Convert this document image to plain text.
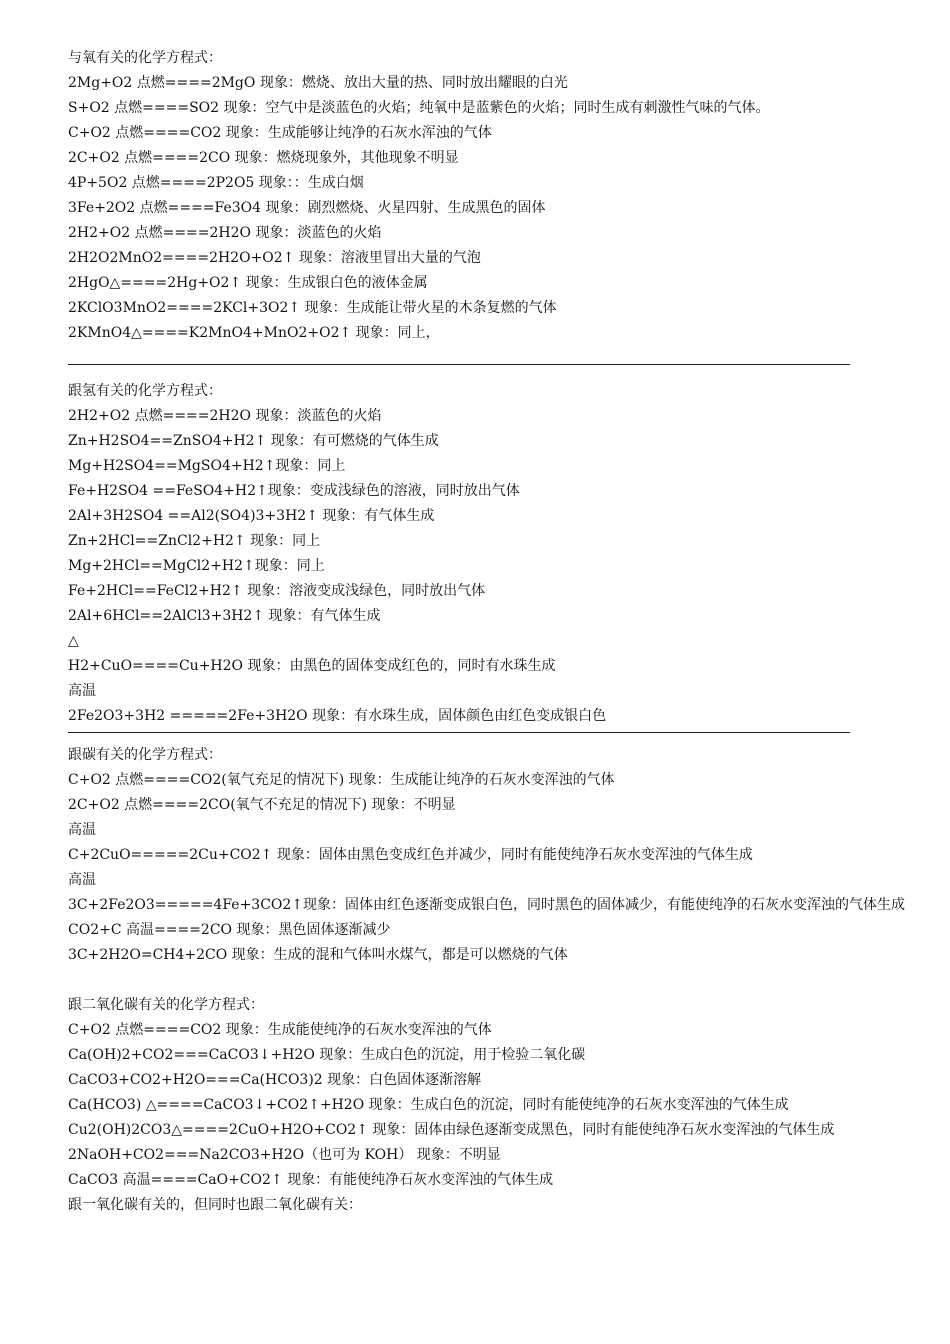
与氧有关的化学方程式：
2Mg+O2 点燃====2MgO 现象：燃烧、放出大量的热、同时放出耀眼的白光
S+O2 点燃====SO2 现象：空气中是淡蓝色的火焰；纯氧中是蓝紫色的火焰；同时生成有刺激性气味的气体。
C+O2 点燃====CO2 现象：生成能够让纯净的石灰水浑浊的气体
2C+O2 点燃====2CO 现象：燃烧现象外，其他现象不明显
4P+5O2 点燃====2P2O5 现象：：生成白烟
3Fe+2O2 点燃====Fe3O4 现象：剧烈燃烧、火星四射、生成黑色的固体
2H2+O2 点燃====2H2O 现象：淡蓝色的火焰
2H2O2MnO2====2H2O+O2↑ 现象：溶液里冒出大量的气泡
2HgO△====2Hg+O2↑ 现象：生成银白色的液体金属
2KClO3MnO2====2KCl+3O2↑ 现象：生成能让带火星的木条复燃的气体
2KMnO4△====K2MnO4+MnO2+O2↑ 现象：同上，
跟氢有关的化学方程式：
2H2+O2 点燃====2H2O 现象：淡蓝色的火焰
Zn+H2SO4==ZnSO4+H2↑ 现象：有可燃烧的气体生成
Mg+H2SO4==MgSO4+H2↑现象：同上
Fe+H2SO4 ==FeSO4+H2↑现象：变成浅绿色的溶液，同时放出气体
2Al+3H2SO4 ==Al2(SO4)3+3H2↑ 现象：有气体生成
Zn+2HCl==ZnCl2+H2↑ 现象：同上
Mg+2HCl==MgCl2+H2↑现象：同上
Fe+2HCl==FeCl2+H2↑ 现象：溶液变成浅绿色，同时放出气体
2Al+6HCl==2AlCl3+3H2↑ 现象：有气体生成
△
H2+CuO====Cu+H2O 现象：由黑色的固体变成红色的，同时有水珠生成
高温
2Fe2O3+3H2 =====2Fe+3H2O 现象：有水珠生成，固体颜色由红色变成银白色
跟碳有关的化学方程式：
C+O2 点燃====CO2(氧气充足的情况下) 现象：生成能让纯净的石灰水变浑浊的气体
2C+O2 点燃====2CO(氧气不充足的情况下) 现象：不明显
高温
C+2CuO=====2Cu+CO2↑ 现象：固体由黑色变成红色并减少，同时有能使纯净石灰水变浑浊的气体生成
高温
3C+2Fe2O3=====4Fe+3CO2↑现象：固体由红色逐渐变成银白色，同时黑色的固体减少，有能使纯净的石灰水变浑浊的气体生成
CO2+C 高温====2CO 现象：黑色固体逐渐减少
3C+2H2O=CH4+2CO 现象：生成的混和气体叫水煤气，都是可以燃烧的气体
跟二氧化碳有关的化学方程式：
C+O2 点燃====CO2 现象：生成能使纯净的石灰水变浑浊的气体
Ca(OH)2+CO2===CaCO3↓+H2O 现象：生成白色的沉淀，用于检验二氧化碳
CaCO3+CO2+H2O===Ca(HCO3)2 现象：白色固体逐渐溶解
Ca(HCO3) △====CaCO3↓+CO2↑+H2O 现象：生成白色的沉淀，同时有能使纯净的石灰水变浑浊的气体生成
Cu2(OH)2CO3△====2CuO+H2O+CO2↑ 现象：固体由绿色逐渐变成黑色，同时有能使纯净石灰水变浑浊的气体生成
2NaOH+CO2===Na2CO3+H2O（也可为 KOH） 现象：不明显
CaCO3 高温====CaO+CO2↑ 现象：有能使纯净石灰水变浑浊的气体生成
跟一氧化碳有关的，但同时也跟二氧化碳有关：
